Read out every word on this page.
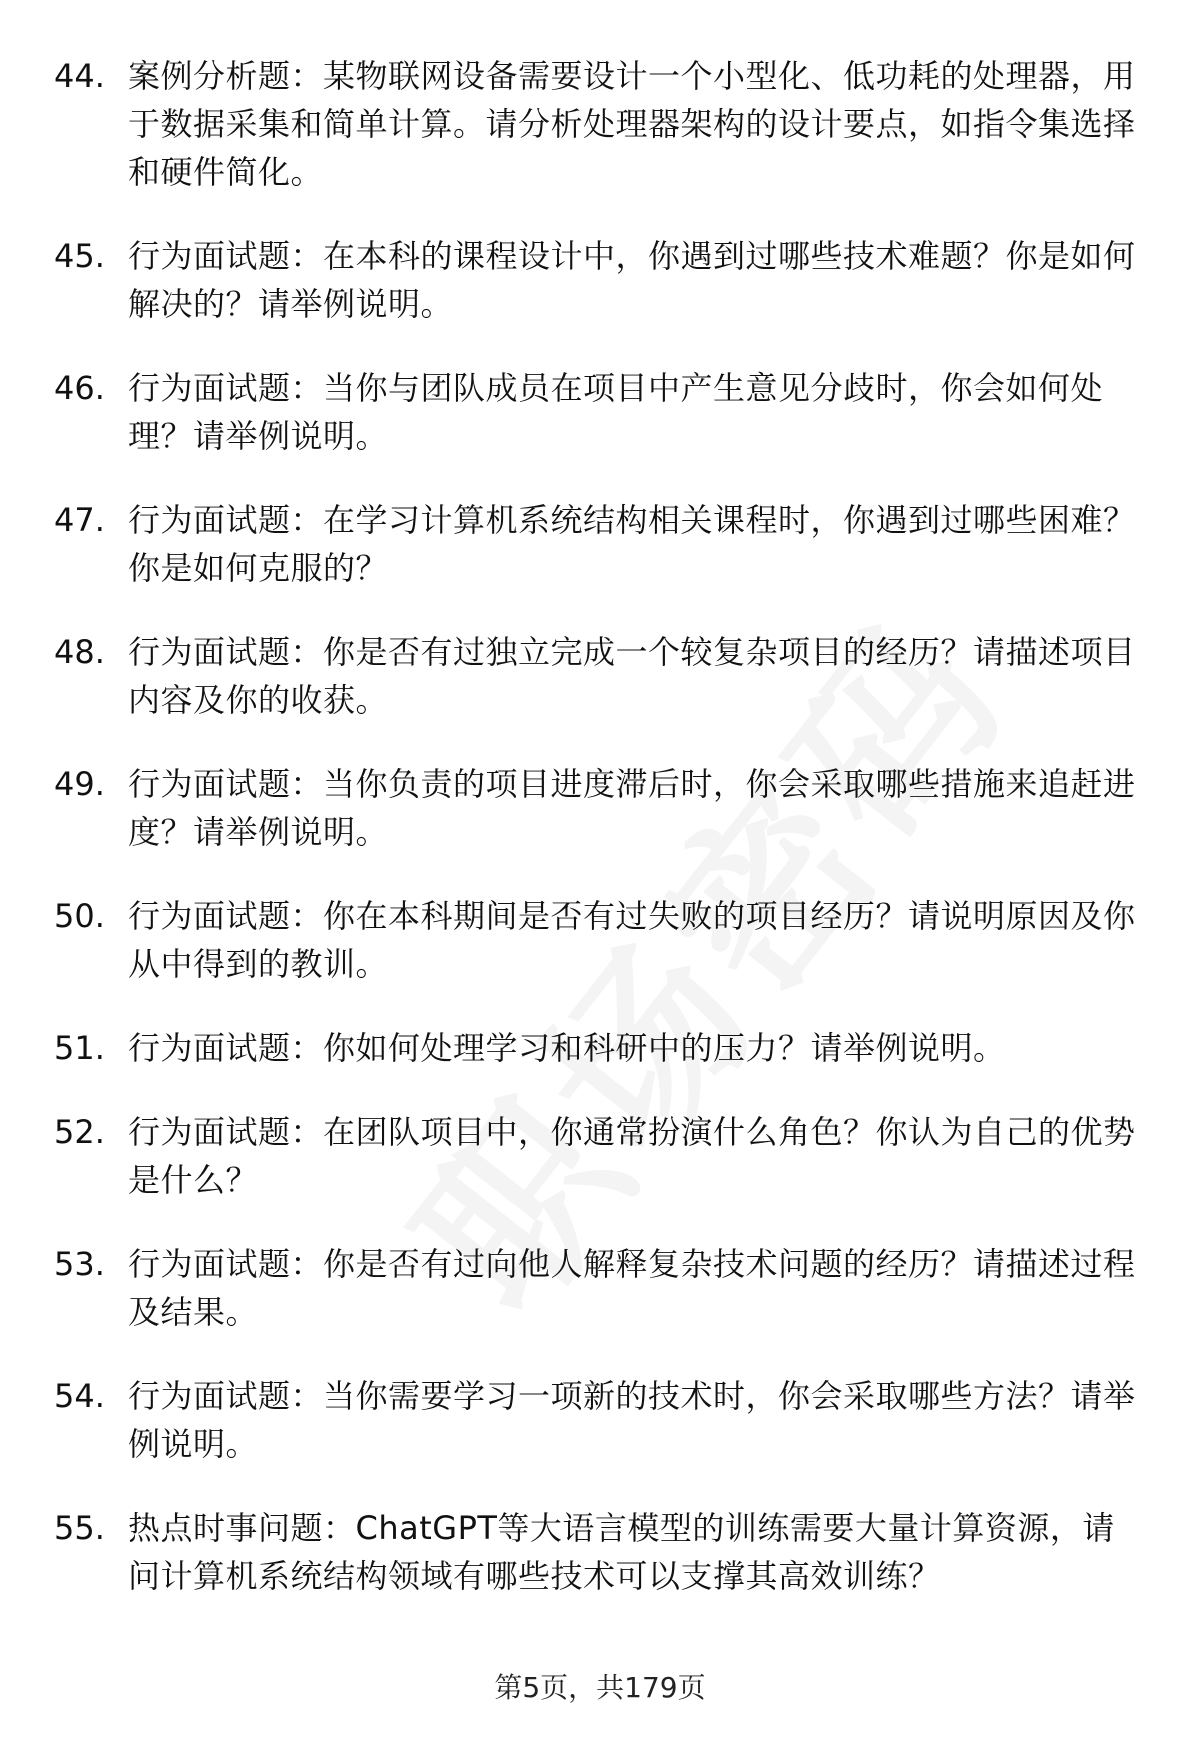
44. 案例分析题：某物联网设备需要设计一个小型化、低功耗的处理器，用于数据采集和简单计算。请分析处理器架构的设计要点，如指令集选择和硬件简化。
45. 行为面试题：在本科的课程设计中，你遇到过哪些技术难题？你是如何解决的？请举例说明。
46. 行为面试题：当你与团队成员在项目中产生意见分歧时，你会如何处理？请举例说明。
47. 行为面试题：在学习计算机系统结构相关课程时，你遇到过哪些困难？你是如何克服的？
48. 行为面试题：你是否有过独立完成一个较复杂项目的经历？请描述项目内容及你的收获。
49. 行为面试题：当你负责的项目进度滞后时，你会采取哪些措施来追赶进度？请举例说明。
50. 行为面试题：你在本科期间是否有过失败的项目经历？请说明原因及你从中得到的教训。
51. 行为面试题：你如何处理学习和科研中的压力？请举例说明。
52. 行为面试题：在团队项目中，你通常扮演什么角色？你认为自己的优势是什么？
53. 行为面试题：你是否有过向他人解释复杂技术问题的经历？请描述过程及结果。
54. 行为面试题：当你需要学习一项新的技术时，你会采取哪些方法？请举例说明。
55. 热点时事问题：ChatGPT等大语言模型的训练需要大量计算资源，请问计算机系统结构领域有哪些技术可以支撑其高效训练？
第5页，共179页
